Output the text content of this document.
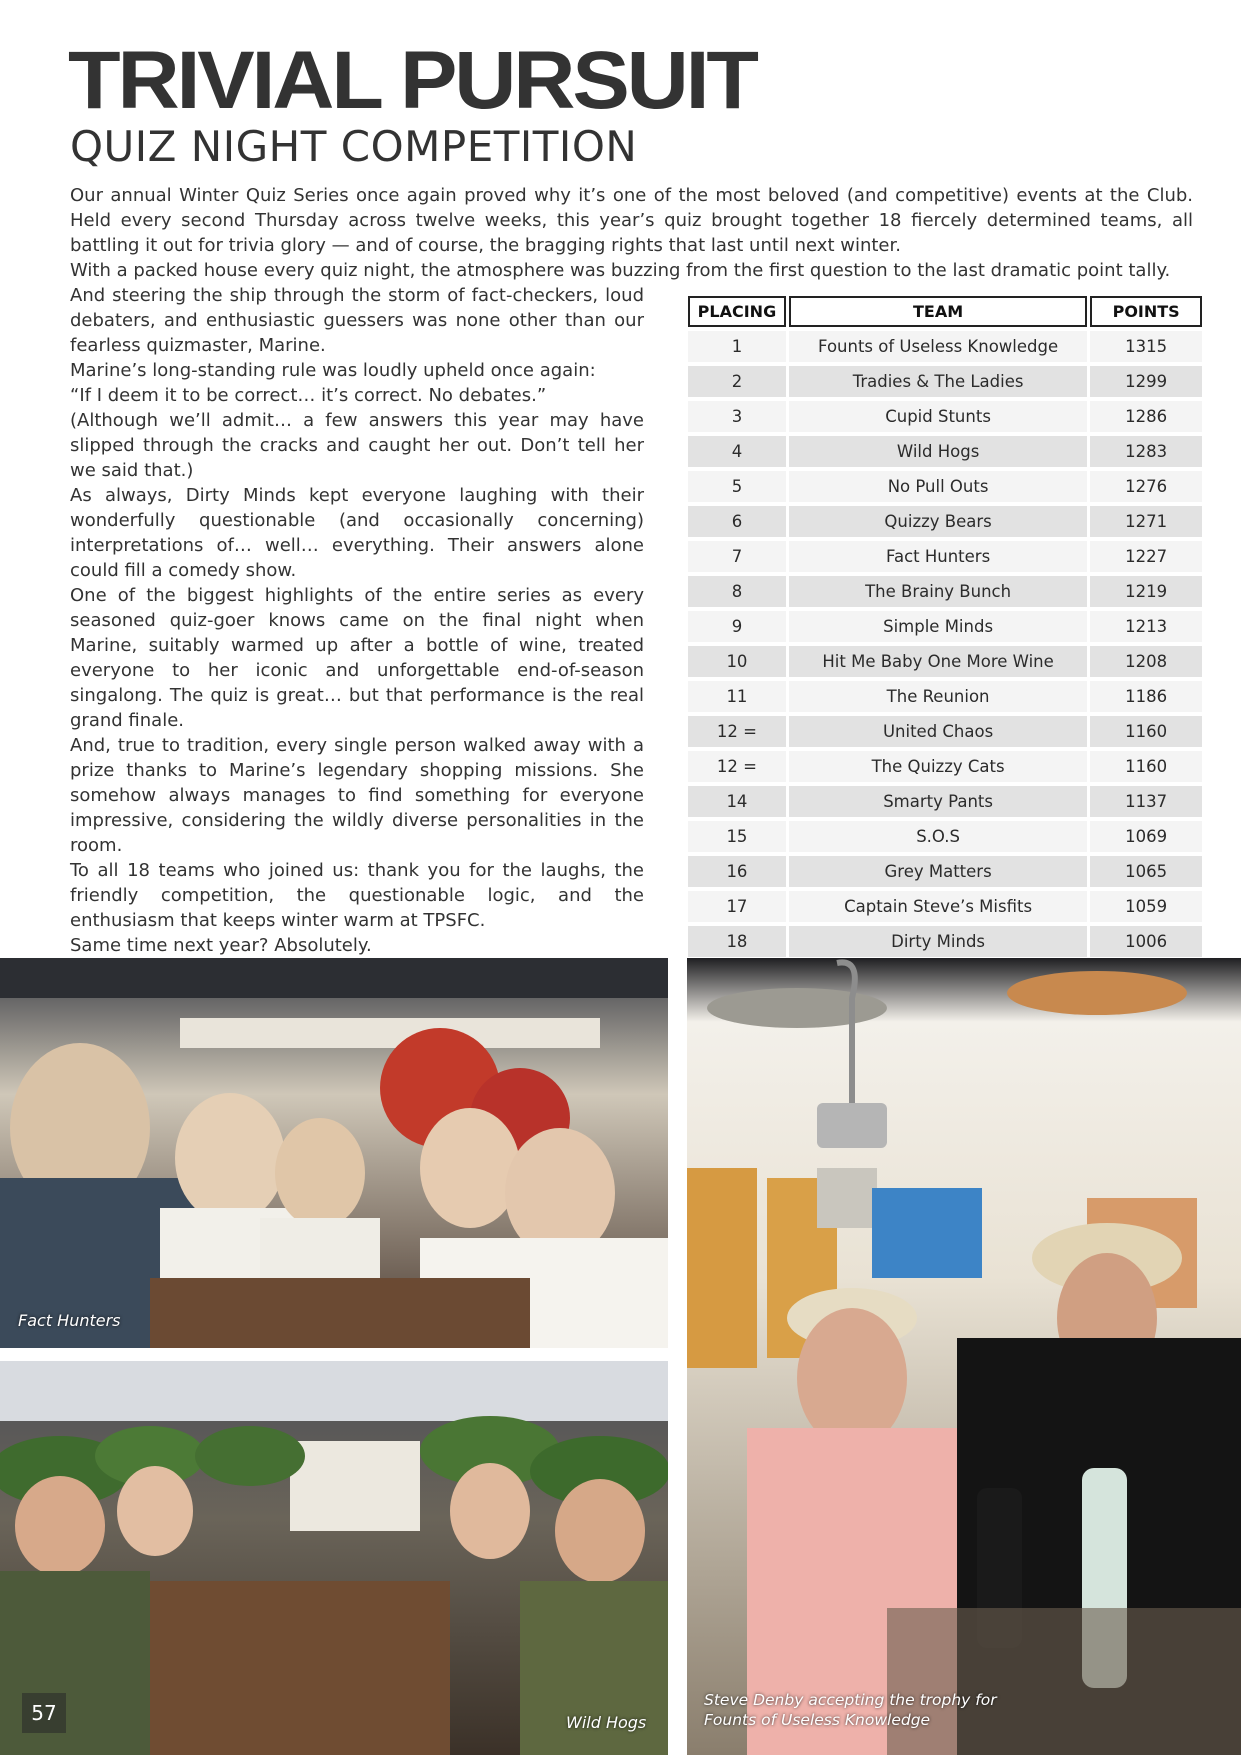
TRIVIAL PURSUIT
QUIZ NIGHT COMPETITION

Our annual Winter Quiz Series once again proved why it’s one of the most beloved (and competitive) events at the Club. Held every second Thursday across twelve weeks, this year’s quiz brought together 18 fiercely determined teams, all battling it out for trivia glory — and of course, the bragging rights that last until next winter.

With a packed house every quiz night, the atmosphere was buzzing from the first question to the last dramatic point tally.

And steering the ship through the storm of fact-checkers, loud debaters, and enthusiastic guessers was none other than our fearless quizmaster, Marine.

Marine’s long-standing rule was loudly upheld once again:

“If I deem it to be correct… it’s correct. No debates.”

(Although we’ll admit… a few answers this year may have slipped through the cracks and caught her out. Don’t tell her we said that.)

As always, Dirty Minds kept everyone laughing with their wonderfully questionable (and occasionally concerning) interpretations of… well… everything. Their answers alone could fill a comedy show.

One of the biggest highlights of the entire series as every seasoned quiz-goer knows came on the final night when Marine, suitably warmed up after a bottle of wine, treated everyone to her iconic and unforgettable end-of-season singalong. The quiz is great… but that performance is the real grand finale.

And, true to tradition, every single person walked away with a prize thanks to Marine’s legendary shopping missions. She somehow always manages to find something for everyone impressive, considering the wildly diverse personalities in the room.

To all 18 teams who joined us: thank you for the laughs, the friendly competition, the questionable logic, and the enthusiasm that keeps winter warm at TPSFC.

Same time next year? Absolutely.

PLACING	TEAM	POINTS
1	Founts of Useless Knowledge	1315
2	Tradies & The Ladies	1299
3	Cupid Stunts	1286
4	Wild Hogs	1283
5	No Pull Outs	1276
6	Quizzy Bears	1271
7	Fact Hunters	1227
8	The Brainy Bunch	1219
9	Simple Minds	1213
10	Hit Me Baby One More Wine	1208
11	The Reunion	1186
12 =	United Chaos	1160
12 =	The Quizzy Cats	1160
14	Smarty Pants	1137
15	S.O.S	1069
16	Grey Matters	1065
17	Captain Steve’s Misfits	1059
18	Dirty Minds	1006
Fact Hunters
Wild Hogs
57
Steve Denby accepting the trophy for
Founts of Useless Knowledge
